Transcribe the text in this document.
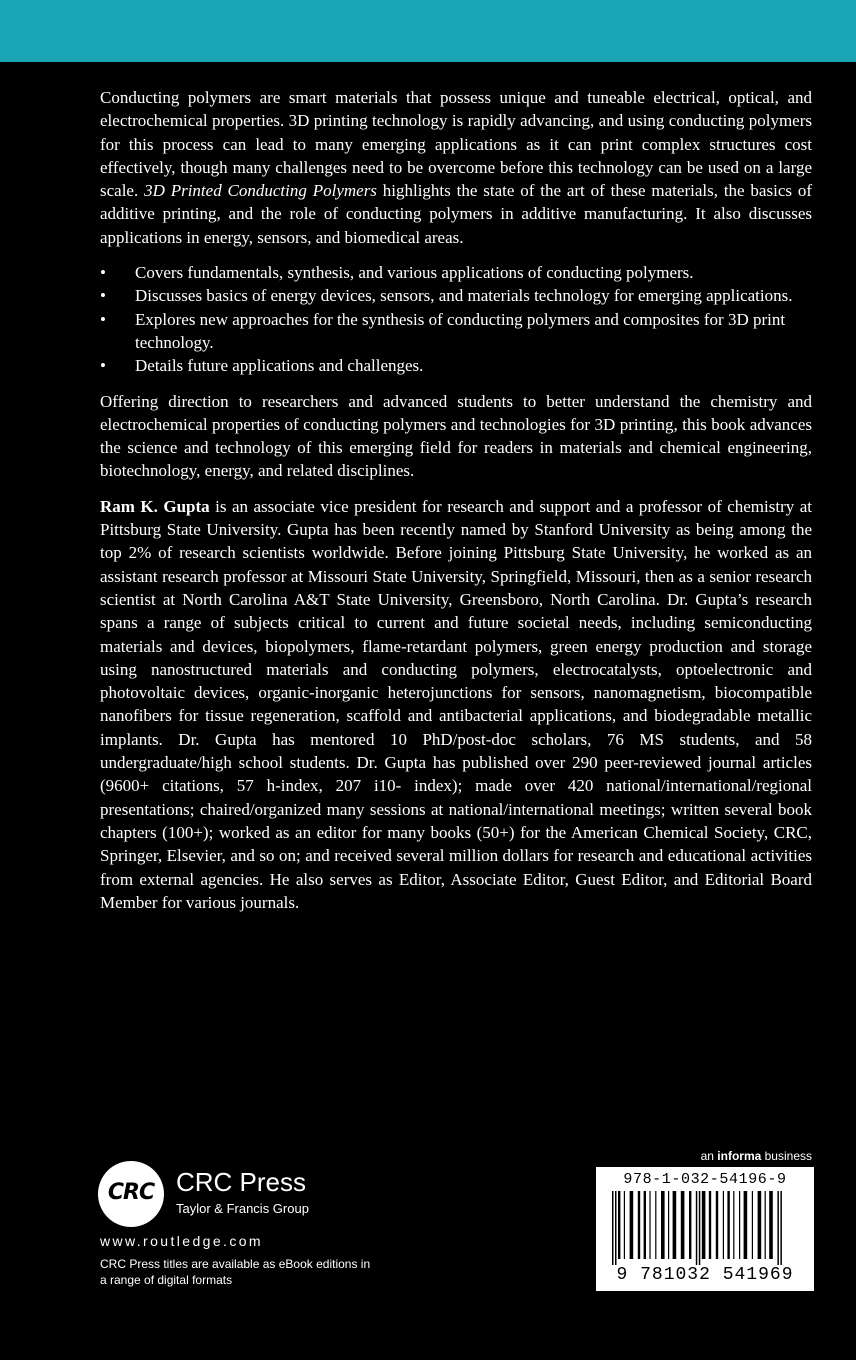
Conducting polymers are smart materials that possess unique and tuneable electrical, optical, and electrochemical properties. 3D printing technology is rapidly advancing, and using conducting polymers for this process can lead to many emerging applications as it can print complex structures cost effectively, though many challenges need to be overcome before this technology can be used on a large scale. 3D Printed Conducting Polymers highlights the state of the art of these materials, the basics of additive printing, and the role of conducting polymers in additive manufacturing. It also discusses applications in energy, sensors, and biomedical areas.

• Covers fundamentals, synthesis, and various applications of conducting polymers.
• Discusses basics of energy devices, sensors, and materials technology for emerging applications.
• Explores new approaches for the synthesis of conducting polymers and composites for 3D print technology.
• Details future applications and challenges.

Offering direction to researchers and advanced students to better understand the chemistry and electrochemical properties of conducting polymers and technologies for 3D printing, this book advances the science and technology of this emerging field for readers in materials and chemical engineering, biotechnology, energy, and related disciplines.

Ram K. Gupta is an associate vice president for research and support and a professor of chemistry at Pittsburg State University. Gupta has been recently named by Stanford University as being among the top 2% of research scientists worldwide. Before joining Pittsburg State University, he worked as an assistant research professor at Missouri State University, Springfield, Missouri, then as a senior research scientist at North Carolina A&T State University, Greensboro, North Carolina. Dr. Gupta’s research spans a range of subjects critical to current and future societal needs, including semiconducting materials and devices, biopolymers, flame-retardant polymers, green energy production and storage using nanostructured materials and conducting polymers, electrocatalysts, optoelectronic and photovoltaic devices, organic-inorganic heterojunctions for sensors, nanomagnetism, biocompatible nanofibers for tissue regeneration, scaffold and antibacterial applications, and biodegradable metallic implants. Dr. Gupta has mentored 10 PhD/post-doc scholars, 76 MS students, and 58 undergraduate/high school students. Dr. Gupta has published over 290 peer-reviewed journal articles (9600+ citations, 57 h-index, 207 i10- index); made over 420 national/international/regional presentations; chaired/organized many sessions at national/international meetings; written several book chapters (100+); worked as an editor for many books (50+) for the American Chemical Society, CRC, Springer, Elsevier, and so on; and received several million dollars for research and educational activities from external agencies. He also serves as Editor, Associate Editor, Guest Editor, and Editorial Board Member for various journals.

CRC CRC Press
Taylor & Francis Group
www.routledge.com
CRC Press titles are available as eBook editions in a range of digital formats
an informa business
978-1-032-54196-9
9 781032 541969
